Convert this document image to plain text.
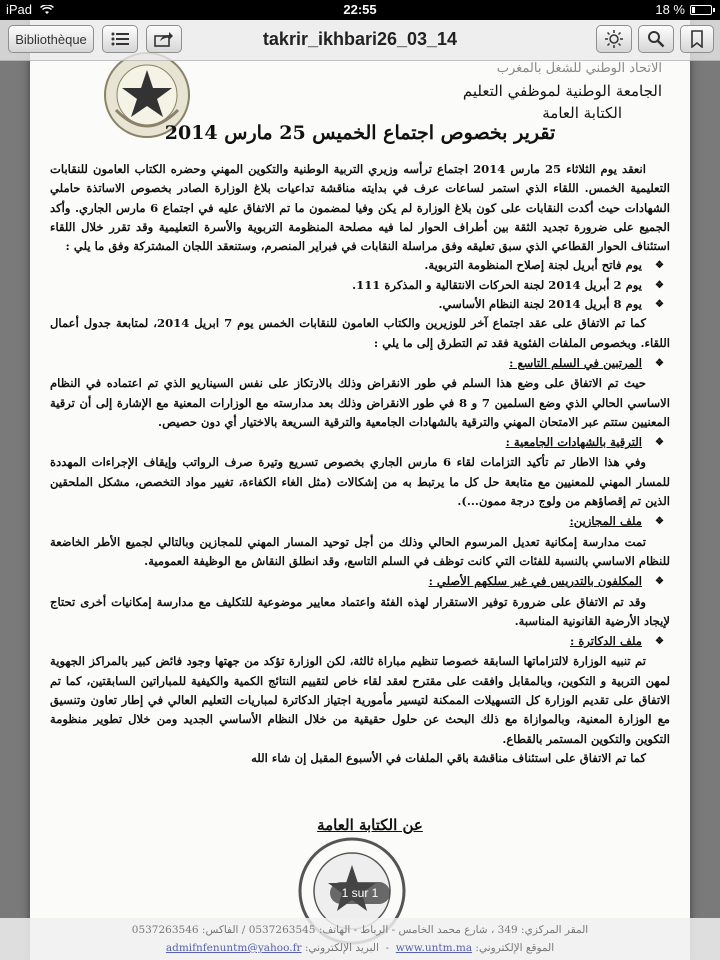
iPad	22:55	18 %
الاتحاد الوطني للشغل بالمغرب
الجامعة الوطنية لموظفي التعليم
الكتابة العامة
تقرير بخصوص اجتماع الخميس 25 مارس 2014

انعقد يوم الثلاثاء 25 مارس 2014 اجتماع ترأسه وزيري التربية الوطنية والتكوين المهني وحضره الكتاب العامون للنقابات التعليمية الخمس. اللقاء الذي استمر لساعات عرف في بدايته مناقشة تداعيات بلاغ الوزارة الصادر بخصوص الاساتذة حاملي الشهادات حيث أكدت النقابات على كون بلاغ الوزارة لم يكن وفيا لمضمون ما تم الاتفاق عليه في اجتماع 6 مارس الجاري. وأكد الجميع على ضرورة تجديد الثقة بين أطراف الحوار لما فيه مصلحة المنظومة التربوية والأسرة التعليمية وقد تقرر خلال اللقاء استئناف الحوار القطاعي الذي سبق تعليقه وفق مراسلة النقابات في فبراير المنصرم، وستنعقد اللجان المشتركة وفق ما يلي :

❖ يوم فاتح أبريل لجنة إصلاح المنظومة التربوية.

❖ يوم 2 أبريل 2014 لجنة الحركات الانتقالية و المذكرة 111.

❖ يوم 8 أبريل 2014 لجنة النظام الأساسي.

كما تم الاتفاق على عقد اجتماع آخر للوزيرين والكتاب العامون للنقابات الخمس يوم 7 ابريل 2014، لمتابعة جدول أعمال اللقاء. وبخصوص الملفات الفئوية فقد تم التطرق إلى ما يلي :

❖ المرتبين في السلم التاسع :

حيث تم الاتفاق على وضع هذا السلم في طور الانقراض وذلك بالارتكاز على نفس السيناريو الذي تم اعتماده في النظام الاساسي الحالي الذي وضع السلمين 7 و 8 في طور الانقراض وذلك بعد مدارسته مع الوزارات المعنية مع الإشارة إلى أن ترقية المعنيين ستتم عبر الامتحان المهني والترقية بالشهادات الجامعية والترقية السريعة بالاختيار أي دون حصيص.

❖ الترقية بالشهادات الجامعية :

وفي هذا الاطار تم تأكيد التزامات لقاء 6 مارس الجاري بخصوص تسريع وتيرة صرف الرواتب وإيقاف الإجراءات المهددة للمسار المهني للمعنيين مع متابعة حل كل ما يرتبط به من إشكالات (مثل الغاء الكفاءة، تغيير مواد التخصص، مشكل الملحقين الذين تم إقصاؤهم من ولوج درجة ممون...).

❖ ملف المجازين:

تمت مدارسة إمكانية تعديل المرسوم الحالي وذلك من أجل توحيد المسار المهني للمجازين وبالتالي لجميع الأطر الخاضعة للنظام الاساسي بالنسبة للفئات التي كانت توظف في السلم التاسع، وقد انطلق النقاش مع الوظيفة العمومية.

❖ المكلفون بالتدريس في غير سلكهم الأصلي :

وقد تم الاتفاق على ضرورة توفير الاستقرار لهذه الفئة واعتماد معايير موضوعية للتكليف مع مدارسة إمكانيات أخرى تحتاج لإيجاد الأرضية القانونية المناسبة.

❖ ملف الدكاترة :

تم تنبيه الوزارة لالتزاماتها السابقة خصوصا تنظيم مباراة ثالثة، لكن الوزارة تؤكد من جهتها وجود فائض كبير بالمراكز الجهوية لمهن التربية و التكوين، وبالمقابل وافقت على مقترح لعقد لقاء خاص لتقييم النتائج الكمية والكيفية للمباراتين السابقتين، كما تم الاتفاق على تقديم الوزارة كل التسهيلات الممكنة لتيسير مأمورية اجتياز الدكاترة لمباريات التعليم العالي في إطار تعاون وتنسيق مع الوزارة المعنية، وبالموازاة مع ذلك البحث عن حلول حقيقية من خلال النظام الأساسي الجديد ومن خلال تطوير منظومة التكوين والتكوين المستمر بالقطاع.

كما تم الاتفاق على استئناف مناقشة باقي الملفات في الأسبوع المقبل إن شاء الله

عن الكتابة العامة
Bibliothèque	takrir_ikhbari26_03_14
1 sur 1
المقر المركزي: 349 ، شارع محمد الخامس - الرباط - الهاتف: 0537263545 / الفاكس: 0537263546
الموقع الإلكتروني: www.untm.ma  -  البريد الإلكتروني: admifnfenuntm@yahoo.fr
